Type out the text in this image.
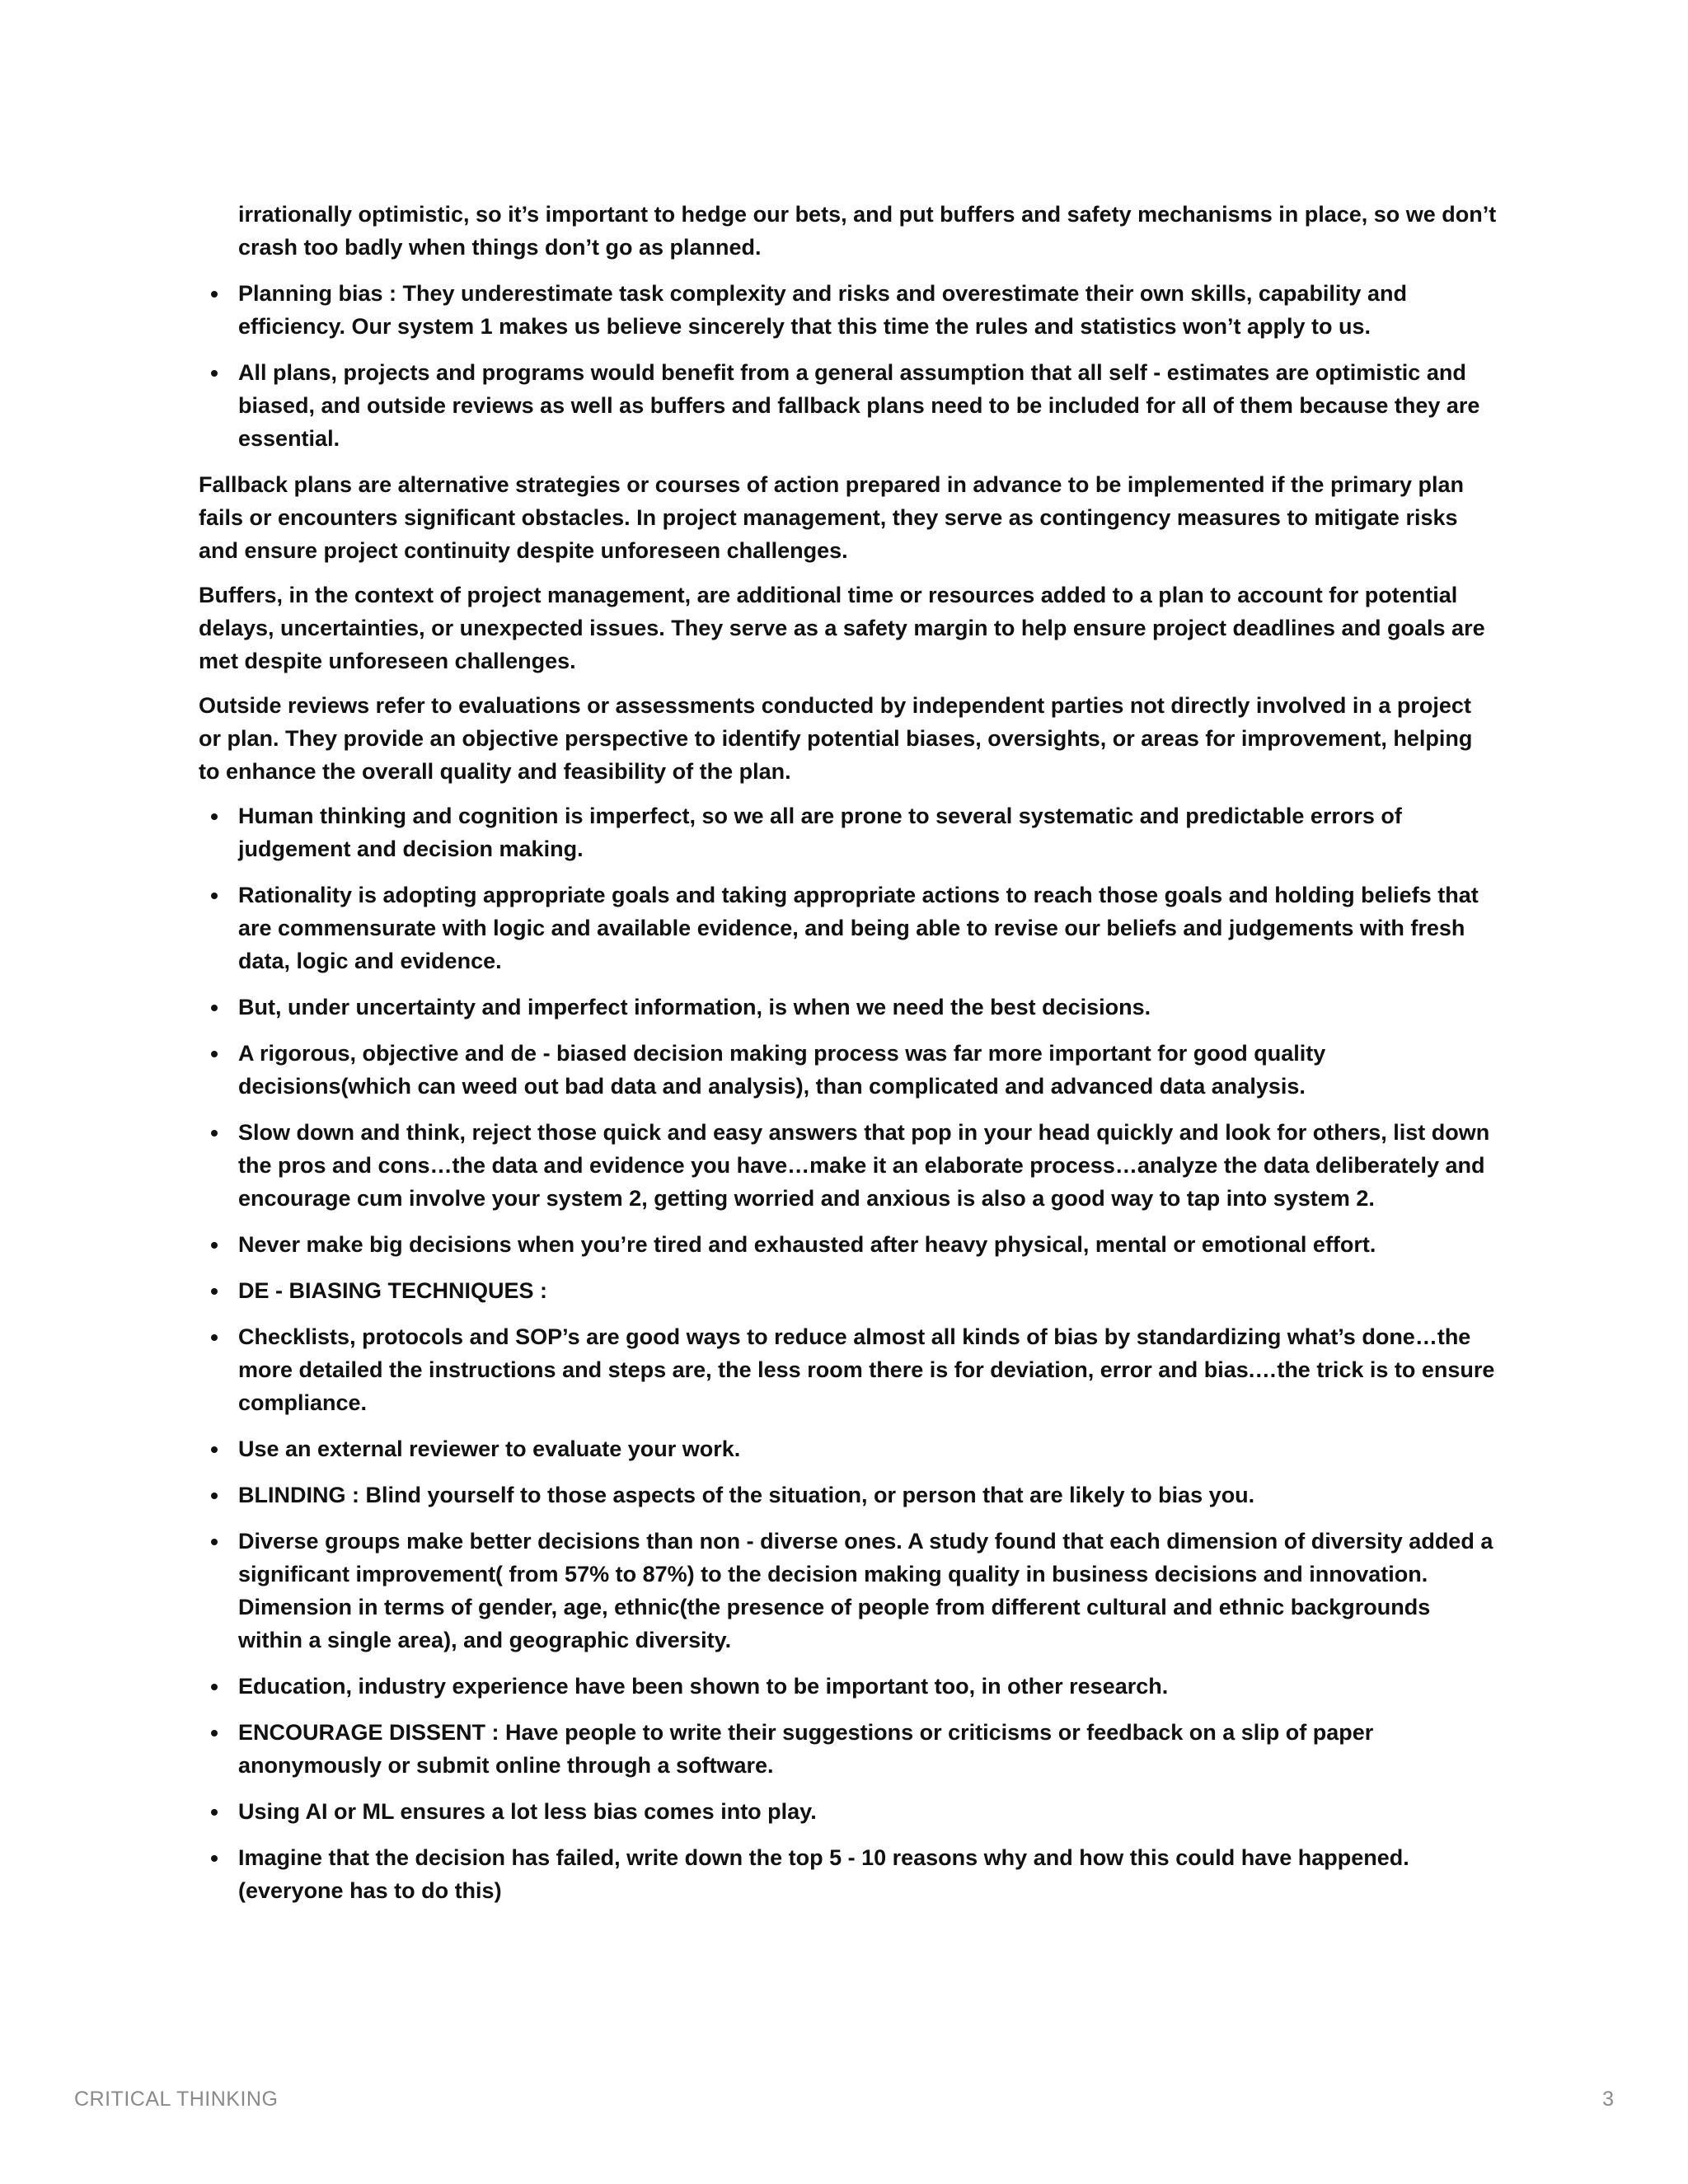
irrationally optimistic, so it’s important to hedge our bets, and put buffers and safety mechanisms in place, so we don’t crash too badly when things don’t go as planned.

Planning bias : They underestimate task complexity and risks and overestimate their own skills, capability and efficiency. Our system 1 makes us believe sincerely that this time the rules and statistics won’t apply to us.
All plans, projects and programs would benefit from a general assumption that all self - estimates are optimistic and biased, and outside reviews as well as buffers and fallback plans need to be included for all of them because they are essential.

Fallback plans are alternative strategies or courses of action prepared in advance to be implemented if the primary plan fails or encounters significant obstacles. In project management, they serve as contingency measures to mitigate risks and ensure project continuity despite unforeseen challenges.

Buffers, in the context of project management, are additional time or resources added to a plan to account for potential delays, uncertainties, or unexpected issues. They serve as a safety margin to help ensure project deadlines and goals are met despite unforeseen challenges.

Outside reviews refer to evaluations or assessments conducted by independent parties not directly involved in a project or plan. They provide an objective perspective to identify potential biases, oversights, or areas for improvement, helping to enhance the overall quality and feasibility of the plan.

Human thinking and cognition is imperfect, so we all are prone to several systematic and predictable errors of judgement and decision making.
Rationality is adopting appropriate goals and taking appropriate actions to reach those goals and holding beliefs that are commensurate with logic and available evidence, and being able to revise our beliefs and judgements with fresh data, logic and evidence.
But, under uncertainty and imperfect information, is when we need the best decisions.
A rigorous, objective and de - biased decision making process was far more important for good quality decisions(which can weed out bad data and analysis), than complicated and advanced data analysis.
Slow down and think, reject those quick and easy answers that pop in your head quickly and look for others, list down the pros and cons…the data and evidence you have…make it an elaborate process…analyze the data deliberately and encourage cum involve your system 2, getting worried and anxious is also a good way to tap into system 2.
Never make big decisions when you’re tired and exhausted after heavy physical, mental or emotional effort.
DE - BIASING TECHNIQUES :
Checklists, protocols and SOP’s are good ways to reduce almost all kinds of bias by standardizing what’s done…the more detailed the instructions and steps are, the less room there is for deviation, error and bias.…the trick is to ensure compliance.
Use an external reviewer to evaluate your work.
BLINDING : Blind yourself to those aspects of the situation, or person that are likely to bias you.
Diverse groups make better decisions than non - diverse ones. A study found that each dimension of diversity added a significant improvement( from 57% to 87%) to the decision making quality in business decisions and innovation. Dimension in terms of gender, age, ethnic(the presence of people from different cultural and ethnic backgrounds within a single area), and geographic diversity.
Education, industry experience have been shown to be important too, in other research.
ENCOURAGE DISSENT : Have people to write their suggestions or criticisms or feedback on a slip of paper anonymously or submit online through a software.
Using AI or ML ensures a lot less bias comes into play.
Imagine that the decision has failed, write down the top 5 - 10 reasons why and how this could have happened. (everyone has to do this)
CRITICAL THINKING	3
